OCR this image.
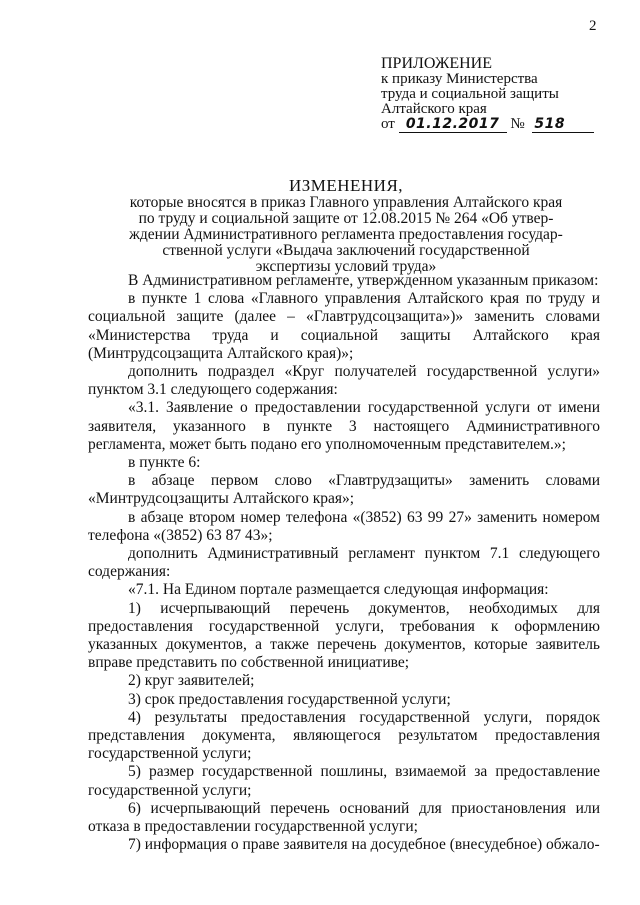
2
ПРИЛОЖЕНИЕ
к приказу Министерства
труда и социальной защиты
Алтайского края
от 01.12.2017 № 518
ИЗМЕНЕНИЯ,
которые вносятся в приказ Главного управления Алтайского края
по труду и социальной защите от 12.08.2015 № 264 «Об утвер-
ждении Административного регламента предоставления государ-
ственной услуги «Выдача заключений государственной
экспертизы условий труда»

В Административном регламенте, утвержденном указанным приказом:

в пункте 1 слова «Главного управления Алтайского края по труду и социальной защите (далее – «Главтрудсоцзащита»)» заменить словами «Министерства труда и социальной защиты Алтайского края (Минтрудсоцзащита Алтайского края)»;

дополнить подраздел «Круг получателей государственной услуги» пунктом 3.1 следующего содержания:

«3.1. Заявление о предоставлении государственной услуги от имени заявителя, указанного в пункте 3 настоящего Административного регламента, может быть подано его уполномоченным представителем.»;

в пункте 6:

в абзаце первом слово «Главтрудзащиты» заменить словами «Минтрудсоцзащиты Алтайского края»;

в абзаце втором номер телефона «(3852) 63 99 27» заменить номером телефона «(3852) 63 87 43»;

дополнить Административный регламент пунктом 7.1 следующего содержания:

«7.1. На Едином портале размещается следующая информация:

1) исчерпывающий перечень документов, необходимых для предоставления государственной услуги, требования к оформлению указанных документов, а также перечень документов, которые заявитель вправе представить по собственной инициативе;

2) круг заявителей;

3) срок предоставления государственной услуги;

4) результаты предоставления государственной услуги, порядок представления документа, являющегося результатом предоставления государственной услуги;

5) размер государственной пошлины, взимаемой за предоставление государственной услуги;

6) исчерпывающий перечень оснований для приостановления или отказа в предоставлении государственной услуги;

7) информация о праве заявителя на досудебное (внесудебное) обжало-
